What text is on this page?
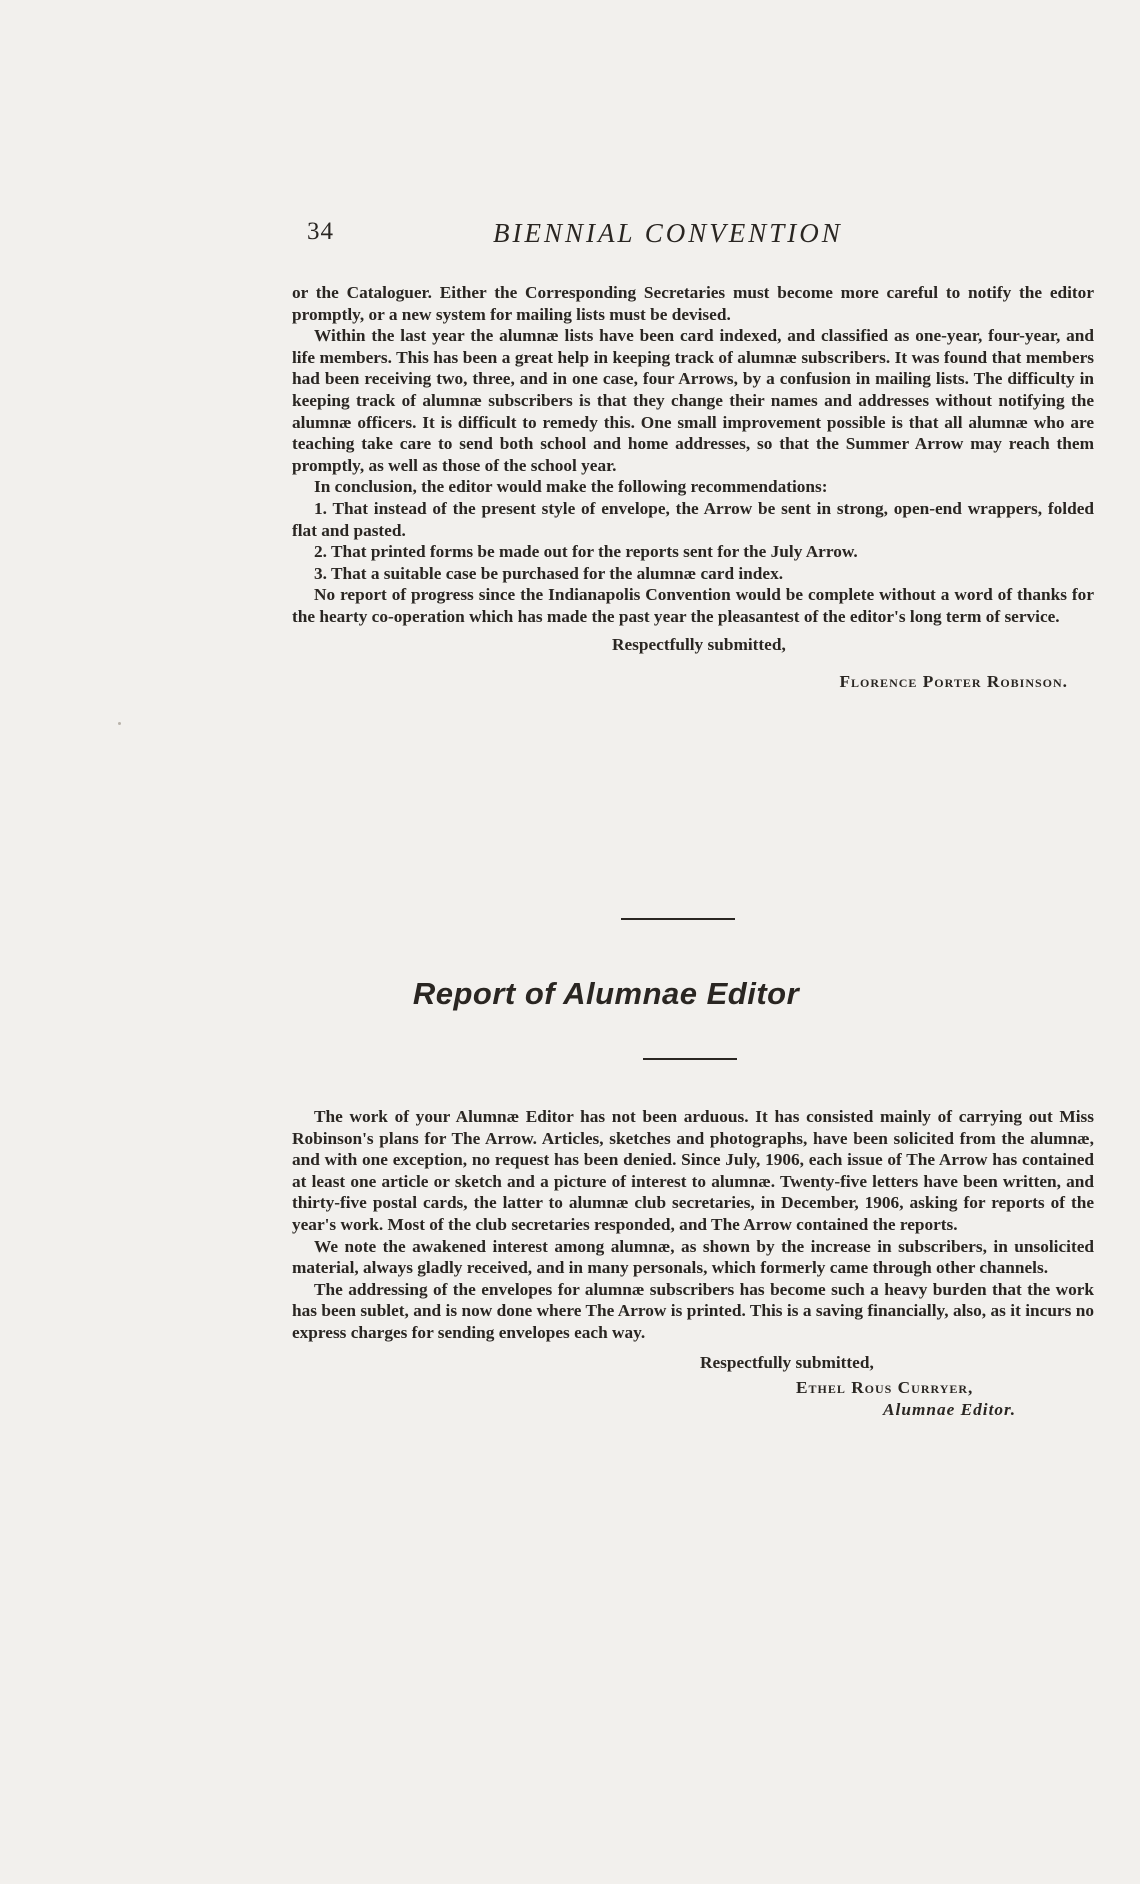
34	BIENNIAL CONVENTION

or the Cataloguer. Either the Corresponding Secretaries must become more careful to notify the editor promptly, or a new system for mailing lists must be devised.

Within the last year the alumnæ lists have been card indexed, and classified as one-year, four-year, and life members. This has been a great help in keeping track of alumnæ subscribers. It was found that members had been receiving two, three, and in one case, four Arrows, by a confusion in mailing lists. The difficulty in keeping track of alumnæ subscribers is that they change their names and addresses without notifying the alumnæ officers. It is difficult to remedy this. One small improvement possible is that all alumnæ who are teaching take care to send both school and home addresses, so that the Summer Arrow may reach them promptly, as well as those of the school year.

In conclusion, the editor would make the following recommendations:

1. That instead of the present style of envelope, the Arrow be sent in strong, open-end wrappers, folded flat and pasted.

2. That printed forms be made out for the reports sent for the July Arrow.

3. That a suitable case be purchased for the alumnæ card index.

No report of progress since the Indianapolis Convention would be complete without a word of thanks for the hearty co-operation which has made the past year the pleasantest of the editor's long term of service.

Respectfully submitted,

Florence Porter Robinson.

Report of Alumnae Editor

The work of your Alumnæ Editor has not been arduous. It has consisted mainly of carrying out Miss Robinson's plans for The Arrow. Articles, sketches and photographs, have been solicited from the alumnæ, and with one exception, no request has been denied. Since July, 1906, each issue of The Arrow has contained at least one article or sketch and a picture of interest to alumnæ. Twenty-five letters have been written, and thirty-five postal cards, the latter to alumnæ club secretaries, in December, 1906, asking for reports of the year's work. Most of the club secretaries responded, and The Arrow contained the reports.

We note the awakened interest among alumnæ, as shown by the increase in subscribers, in unsolicited material, always gladly received, and in many personals, which formerly came through other channels.

The addressing of the envelopes for alumnæ subscribers has become such a heavy burden that the work has been sublet, and is now done where The Arrow is printed. This is a saving financially, also, as it incurs no express charges for sending envelopes each way.

Respectfully submitted,

Ethel Rous Curryer,

Alumnae Editor.
